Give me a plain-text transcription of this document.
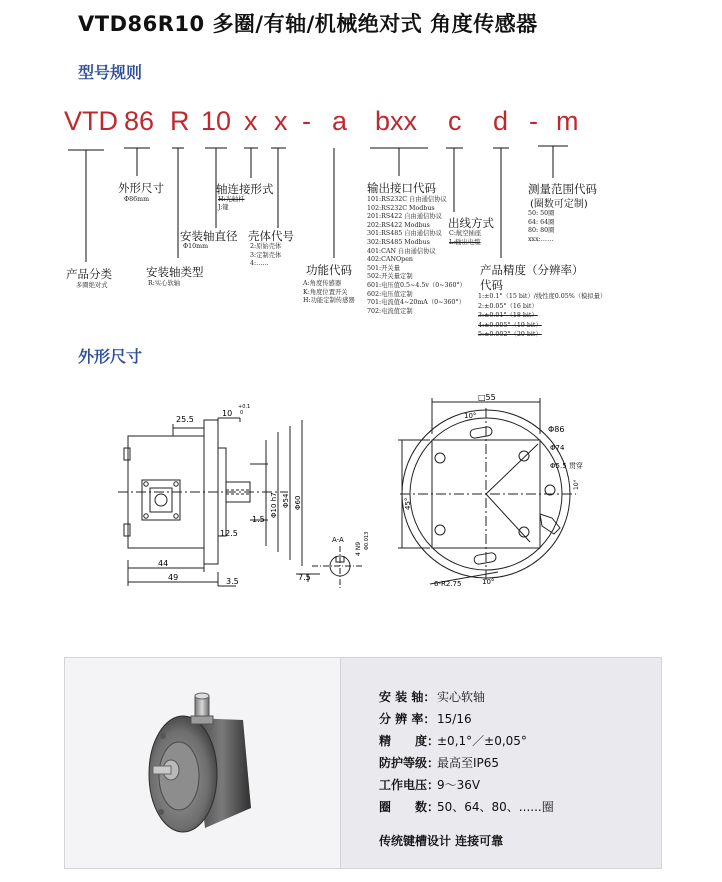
VTD86R10 多圈/有轴/机械绝对式 角度传感器
型号规则
VTD 86 R 10 x x - a bxx c d - m
产品分类
多圈绝对式
外形尺寸
Φ86mm
安装轴类型
R:实心软轴
安装轴直径
Φ10mm
轴连接形式
H:光轴杆
J:键
壳体代号
2:原始壳体
3:定制壳体
4:……	功能代码
A:角度传感器
K:角度位置开关
H:功能定制传感器
输出接口代码
101:RS232C 自由通信协议
102:RS232C Modbus
201:RS422 自由通信协议
202:RS422 Modbus
301:RS485 自由通信协议
302:RS485 Modbus
401:CAN 自由通信协议
402:CANOpen
501:开关量
502:开关量定制
601:电压值0.5~4.5v（0~360°）
602:电压值定制
701:电流值4~20mA（0~360°）
702:电流值定制
出线方式
C:航空插座
L:输出电缆
产品精度（分辨率）
代码
1:±0.1°（15 bit）/线性度0.05%（模拟量）
2:±0.05°（16 bit）
3:±0.01°（18 bit）
4:±0.005°（19 bit）
5:±0.002°（20 bit）
测量范围代码
(圈数可定制)
50: 50圈
64: 64圈
80: 80圈
xxx:……
外形尺寸
25.5
10
+0.1
0
44
49	3.5
12.5
1.5
Φ10 h7 Φ54 Φ60
A-A
7.5
4 N9 Φ0.013
□55
10°
Φ86
Φ74
Φ5.5 贯穿
10°
6-R2.75	10°
45°
安 装 轴： 实心软轴
分 辨 率： 15/16
精　　度：±0,1°／±0,05°
防护等级：最高至IP65
工作电压：9～36V
圈　　数：50、64、80、......圈
传统键槽设计 连接可靠
